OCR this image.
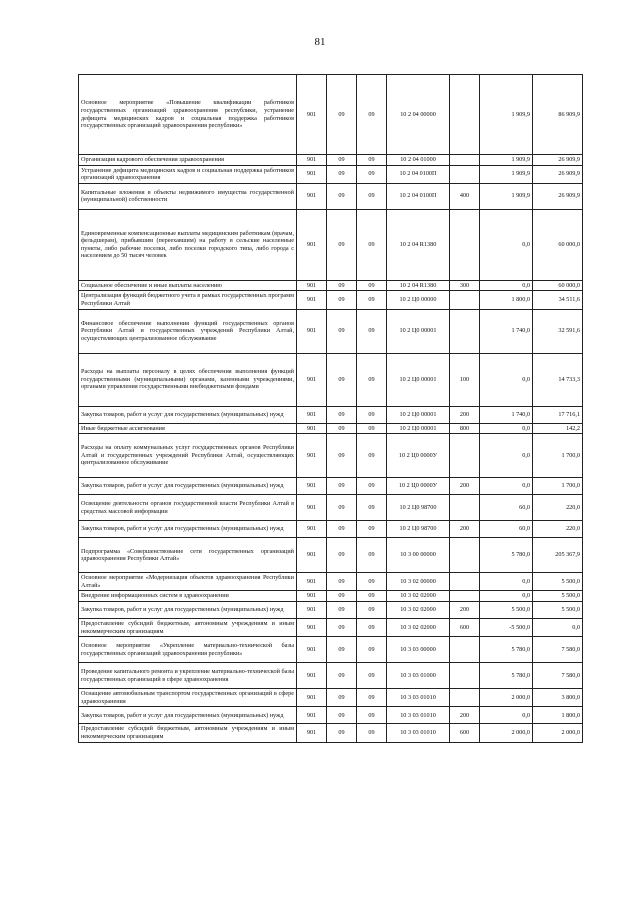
81
Основное мероприятие «Повышение квалификации работников государственных организаций здравоохранения республики, устранение дефицита медицинских кадров и социальная поддержка работников государственных организаций здравоохранения республики»	901	09	09	10 2 04 00000		1 909,9	86 909,9
Организация кадрового обеспечения здравоохранения	901	09	09	10 2 04 01000		1 909,9	26 909,9
Устранение дефицита медицинских кадров и социальная поддержка работников организаций здравоохранения	901	09	09	10 2 04 0100П		1 909,9	26 909,9
Капитальные вложения в объекты недвижимого имущества государственной (муниципальной) собственности	901	09	09	10 2 04 0100П	400	1 909,9	26 909,9
Единовременные компенсационные выплаты медицинским работникам (врачам, фельдшерам), прибывшим (переехавшим) на работу в сельские населенные пункты, либо рабочие поселки, либо поселки городского типа, либо города с населением до 50 тысяч человек	901	09	09	10 2 04 R1380		0,0	60 000,0
Социальное обеспечение и иные выплаты населению	901	09	09	10 2 04 R1380	300	0,0	60 000,0
Централизация функций бюджетного учета в рамках государственных программ Республики Алтай	901	09	09	10 2 Ц0 00000		1 800,0	34 511,6
Финансовое обеспечение выполнения функций государственных органов Республики Алтай и государственных учреждений Республики Алтай, осуществляющих централизованное обслуживание	901	09	09	10 2 Ц0 00001		1 740,0	32 591,6
Расходы на выплаты персоналу в целях обеспечения выполнения функций государственными (муниципальными) органами, казенными учреждениями, органами управления государственными внебюджетными фондами	901	09	09	10 2 Ц0 00001	100	0,0	14 733,3
Закупка товаров, работ и услуг для государственных (муниципальных) нужд	901	09	09	10 2 Ц0 00001	200	1 740,0	17 716,1
Иные бюджетные ассигнования	901	09	09	10 2 Ц0 00001	800	0,0	142,2
Расходы на оплату коммунальных услуг государственных органов Республики Алтай и государственных учреждений Республики Алтай, осуществляющих централизованное обслуживание	901	09	09	10 2 Ц0 0000У		0,0	1 700,0
Закупка товаров, работ и услуг для государственных (муниципальных) нужд	901	09	09	10 2 Ц0 0000У	200	0,0	1 700,0
Освещение деятельности органов государственной власти Республики Алтай в средствах массовой информации	901	09	09	10 2 Ц0 98700		60,0	220,0
Закупка товаров, работ и услуг для государственных (муниципальных) нужд	901	09	09	10 2 Ц0 98700	200	60,0	220,0
Подпрограмма «Совершенствование сети государственных организаций здравоохранения Республики Алтай»	901	09	09	10 3 00 00000		5 780,0	205 367,9
Основное мероприятие «Модернизация объектов здравоохранения Республики Алтай»	901	09	09	10 3 02 00000		0,0	5 500,0
Внедрение информационных систем в здравоохранении	901	09	09	10 3 02 02000		0,0	5 500,0
Закупка товаров, работ и услуг для государственных (муниципальных) нужд	901	09	09	10 3 02 02000	200	5 500,0	5 500,0
Предоставление субсидий бюджетным, автономным учреждениям и иным некоммерческим организациям	901	09	09	10 3 02 02000	600	-5 500,0	0,0
Основное мероприятие «Укрепление материально-технической базы государственных организаций здравоохранения республики»	901	09	09	10 3 03 00000		5 780,0	7 580,0
Проведение капитального ремонта и укрепление материально-технической базы государственных организаций в сфере здравоохранения	901	09	09	10 3 03 01000		5 780,0	7 580,0
Оснащение автомобильным транспортом государственных организаций в сфере здравоохранения	901	09	09	10 3 03 01010		2 000,0	3 800,0
Закупка товаров, работ и услуг для государственных (муниципальных) нужд	901	09	09	10 3 03 01010	200	0,0	1 800,0
Предоставление субсидий бюджетным, автономным учреждениям и иным некоммерческим организациям	901	09	09	10 3 03 01010	600	2 000,0	2 000,0
